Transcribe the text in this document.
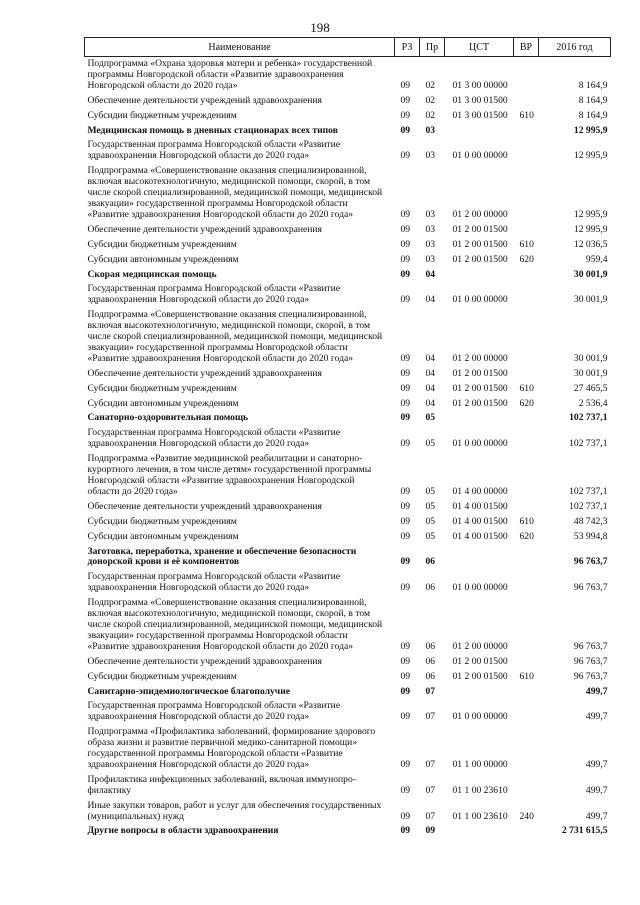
198
Наименование	РЗ	Пр	ЦСТ	ВР	2016 год
Подпрограмма «Охрана здоровья матери и ребенка» государственной программы Новгородской области «Развитие здравоохранения Новгородской области до 2020 года»	09	02	01 3 00 00000		8 164,9
Обеспечение деятельности учреждений здравоохранения	09	02	01 3 00 01500		8 164,9
Субсидии бюджетным учреждениям	09	02	01 3 00 01500	610	8 164,9
Медицинская помощь в дневных стационарах всех типов	09	03			12 995,9
Государственная программа Новгородской области «Развитие здравоохранения Новгородской области до 2020 года»	09	03	01 0 00 00000		12 995,9
Подпрограмма «Совершенствование оказания специализированной, включая высокотехнологичную, медицинской помощи, скорой, в том числе скорой специализированной, медицинской помощи, медицинской эвакуации» государственной программы Новгородской области «Развитие здравоохранения Новгородской области до 2020 года»	09	03	01 2 00 00000		12 995,9
Обеспечение деятельности учреждений здравоохранения	09	03	01 2 00 01500		12 995,9
Субсидии бюджетным учреждениям	09	03	01 2 00 01500	610	12 036,5
Субсидии автономным учреждениям	09	03	01 2 00 01500	620	959,4
Скорая медицинская помощь	09	04			30 001,9
Государственная программа Новгородской области «Развитие здравоохранения Новгородской области до 2020 года»	09	04	01 0 00 00000		30 001,9
Подпрограмма «Совершенствование оказания специализированной, включая высокотехнологичную, медицинской помощи, скорой, в том числе скорой специализированной, медицинской помощи, медицинской эвакуации» государственной программы Новгородской области «Развитие здравоохранения Новгородской области до 2020 года»	09	04	01 2 00 00000		30 001,9
Обеспечение деятельности учреждений здравоохранения	09	04	01 2 00 01500		30 001,9
Субсидии бюджетным учреждениям	09	04	01 2 00 01500	610	27 465,5
Субсидии автономным учреждениям	09	04	01 2 00 01500	620	2 536,4
Санаторно-оздоровительная помощь	09	05			102 737,1
Государственная программа Новгородской области «Развитие здравоохранения Новгородской области до 2020 года»	09	05	01 0 00 00000		102 737,1
Подпрограмма «Развитие медицинской реабилитации и санаторно-курортного лечения, в том числе детям» государственной программы Новгородской области «Развитие здравоохранения Новгородской области до 2020 года»	09	05	01 4 00 00000		102 737,1
Обеспечение деятельности учреждений здравоохранения	09	05	01 4 00 01500		102 737,1
Субсидии бюджетным учреждениям	09	05	01 4 00 01500	610	48 742,3
Субсидии автономным учреждениям	09	05	01 4 00 01500	620	53 994,8
Заготовка, переработка, хранение и обеспечение безопасности донорской крови и её компонентов	09	06			96 763,7
Государственная программа Новгородской области «Развитие здравоохранения Новгородской области до 2020 года»	09	06	01 0 00 00000		96 763,7
Подпрограмма «Совершенствование оказания специализированной, включая высокотехнологичную, медицинской помощи, скорой, в том числе скорой специализированной, медицинской помощи, медицинской эвакуации» государственной программы Новгородской области «Развитие здравоохранения Новгородской области до 2020 года»	09	06	01 2 00 00000		96 763,7
Обеспечение деятельности учреждений здравоохранения	09	06	01 2 00 01500		96 763,7
Субсидии бюджетным учреждениям	09	06	01 2 00 01500	610	96 763,7
Санитарно-эпидемиологическое благополучие	09	07			499,7
Государственная программа Новгородской области «Развитие здравоохранения Новгородской области до 2020 года»	09	07	01 0 00 00000		499,7
Подпрограмма «Профилактика заболеваний, формирование здорового образа жизни и развитие первичной медико-санитарной помощи» государственной программы Новгородской области «Развитие здравоохранения Новгородской области до 2020 года»	09	07	01 1 00 00000		499,7
Профилактика инфекционных заболеваний, включая иммунопрофилактику	09	07	01 1 00 23610		499,7
Иные закупки товаров, работ и услуг для обеспечения государственных (муниципальных) нужд	09	07	01 1 00 23610	240	499,7
Другие вопросы в области здравоохранения	09	09			2 731 615,5
